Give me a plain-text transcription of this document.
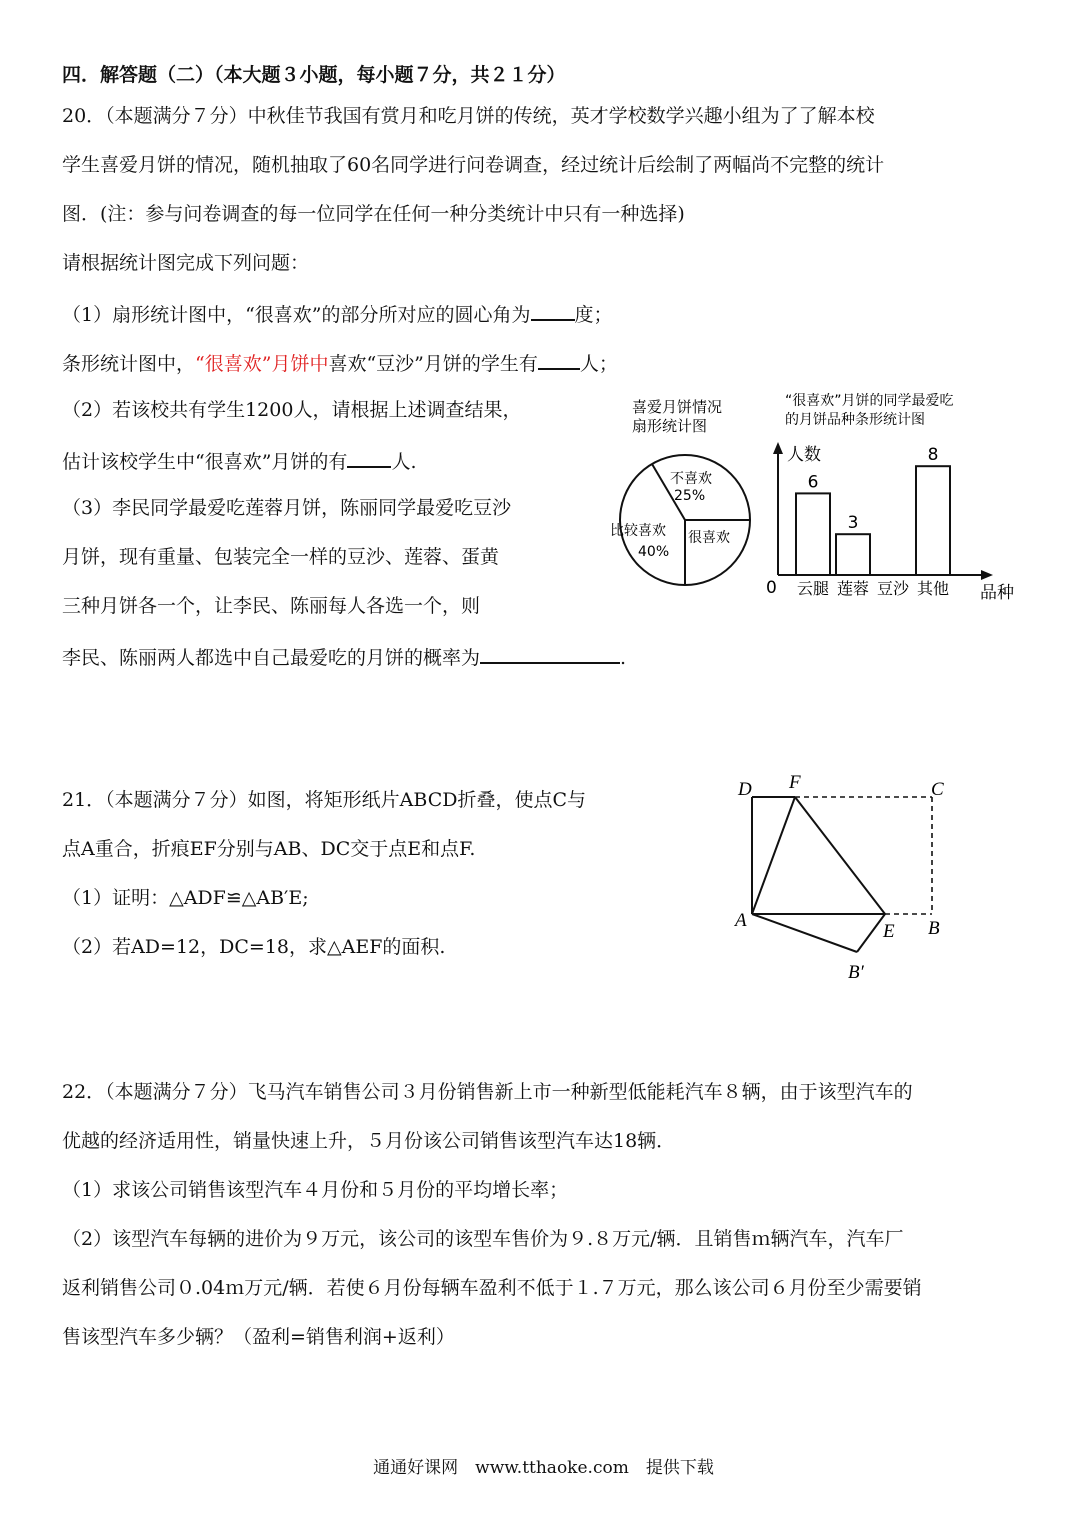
四．解答题（二）（本大题３小题，每小题７分，共２１分）
20．（本题满分７分）中秋佳节我国有赏月和吃月饼的传统，英才学校数学兴趣小组为了了解本校
学生喜爱月饼的情况，随机抽取了60名同学进行问卷调查，经过统计后绘制了两幅尚不完整的统计
图．(注：参与问卷调查的每一位同学在任何一种分类统计中只有一种选择)
请根据统计图完成下列问题：
（1）扇形统计图中，“很喜欢”的部分所对应的圆心角为 度；
条形统计图中，“很喜欢”月饼中喜欢“豆沙”月饼的学生有 人；
（2）若该校共有学生1200人，请根据上述调查结果，
估计该校学生中“很喜欢”月饼的有 人.
（3）李民同学最爱吃莲蓉月饼，陈丽同学最爱吃豆沙
月饼，现有重量、包装完全一样的豆沙、莲蓉、蛋黄
三种月饼各一个，让李民、陈丽每人各选一个，则
李民、陈丽两人都选中自己最爱吃的月饼的概率为	.
喜爱月饼情况
扇形统计图
不喜欢
25%
比较喜欢
40%
很喜欢
“很喜欢”月饼的同学最爱吃
的月饼品种条形统计图
人数
品种
0
6
云腿
3
莲蓉 豆沙
8
其他
21．（本题满分７分）如图，将矩形纸片ABCD折叠，使点C与
点A重合，折痕EF分别与AB、DC交于点E和点F.
（1）证明：△ADF≌△AB′E;
（2）若AD=12，DC=18，求△AEF的面积.
D F	C
A
E B
B′
22．（本题满分７分）飞马汽车销售公司３月份销售新上市一种新型低能耗汽车８辆，由于该型汽车的
优越的经济适用性，销量快速上升，５月份该公司销售该型汽车达18辆．
（1）求该公司销售该型汽车４月份和５月份的平均增长率；
（2）该型汽车每辆的进价为９万元，该公司的该型车售价为９.８万元/辆．且销售ｍ辆汽车，汽车厂
返利销售公司０.04ｍ万元/辆．若使６月份每辆车盈利不低于１.７万元，那么该公司６月份至少需要销
售该型汽车多少辆？（盈利=销售利润+返利）
通通好课网　www.tthaoke.com　提供下载
